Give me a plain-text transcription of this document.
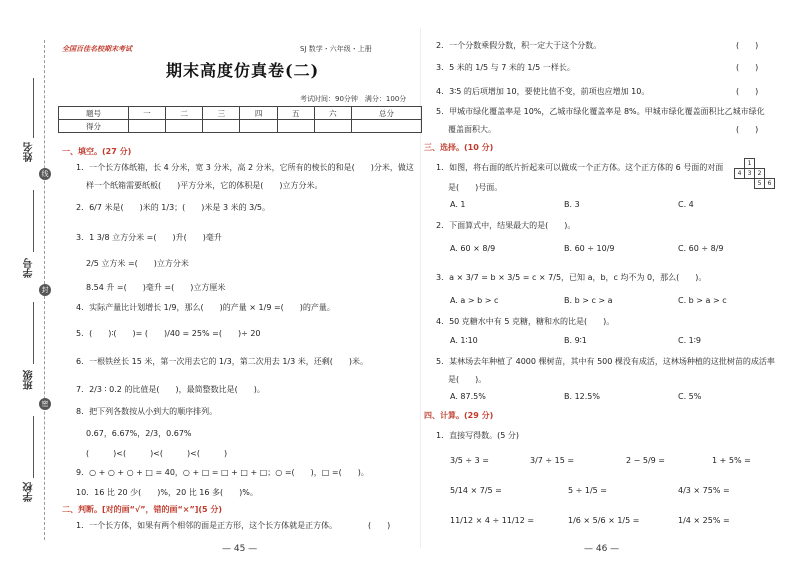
姓名
学号
班级
学校
线
封
密
全国百佳名校期末考试	SJ 数学・六年级・上册
期末高度仿真卷(二)
考试时间：90分钟　满分：100分
题号	一	二	三	四	五	六	总分
得分							
一、填空。(27 分)
1．一个长方体纸箱，长 4 分米，宽 3 分米，高 2 分米，它所有的棱长的和是(　　)分米，做这
样一个纸箱需要纸板(　　)平方分米，它的体积是(　　)立方分米。
2．6/7 米是(　　)米的 1/3；(　　)米是 3 米的 3/5。
3．1 3/8 立方分米 =(　　)升(　　)毫升
2/5 立方米 =(　　)立方分米
8.54 升 =(　　)毫升 =(　　)立方厘米
4．实际产量比计划增长 1/9，那么(　　)的产量 × 1/9 =(　　)的产量。
5．(　　)∶(　　)= (　　)/40 = 25% =(　　)÷ 20
6．一根铁丝长 15 米，第一次用去它的 1/3，第二次用去 1/3 米，还剩(　　)米。
7．2/3 ∶ 0.2 的比值是(　　)，最简整数比是(　　)。
8．把下列各数按从小到大的顺序排列。
0.67，6.67%，2/3，0.67%
(　　　)<(　　　)<(　　　)<(　　　)
9．○ + ○ + ○ + □ = 40，○ + □ = □ + □ + □；○ =(　　)，□ =(　　)。
10．16 比 20 少(　　)%，20 比 16 多(　　)%。
二、判断。[对的画“√”，错的画“×”](5 分)
1．一个长方体，如果有两个相邻的面是正方形，这个长方体就是正方体。	(　　)
— 45 —
2．一个分数乘假分数，积一定大于这个分数。	(　　)
3．5 米的 1/5 与 7 米的 1/5 一样长。	(　　)
4．3∶5 的后项增加 10，要使比值不变，前项也应增加 10。	(　　)
5．甲城市绿化覆盖率是 10%，乙城市绿化覆盖率是 8%。甲城市绿化覆盖面积比乙城市绿化
覆盖面积大。	(　　)
三、选择。(10 分)
1．如图，将右面的纸片折起来可以做成一个正方体。这个正方体的 6 号面的对面
是(　　)号面。
1
3
4	2
5	6
A. 1	B. 3	C. 4
2．下面算式中，结果最大的是(　　)。
A. 60 × 8/9	B. 60 ÷ 10/9	C. 60 ÷ 8/9
3．a × 3/7 = b × 3/5 = c × 7/5，已知 a，b，c 均不为 0，那么(　　)。
A. a > b > c	B. b > c > a	C. b > a > c
4．50 克糖水中有 5 克糖，糖和水的比是(　　)。
A. 1∶10	B. 9∶1	C. 1∶9
5．某林场去年种植了 4000 棵树苗，其中有 500 棵没有成活，这林场种植的这批树苗的成活率
是(　　)。
A. 87.5%	B. 12.5%	C. 5%
四、计算。(29 分)
1．直接写得数。(5 分)
3/5 ÷ 3 =	3/7 ÷ 15 =	2 − 5/9 =	1 + 5% =
5/14 × 7/5 =	5 ÷ 1/5 =	4/3 × 75% =
11/12 × 4 ÷ 11/12 =	1/6 × 5/6 × 1/5 =	1/4 × 25% =
— 46 —
